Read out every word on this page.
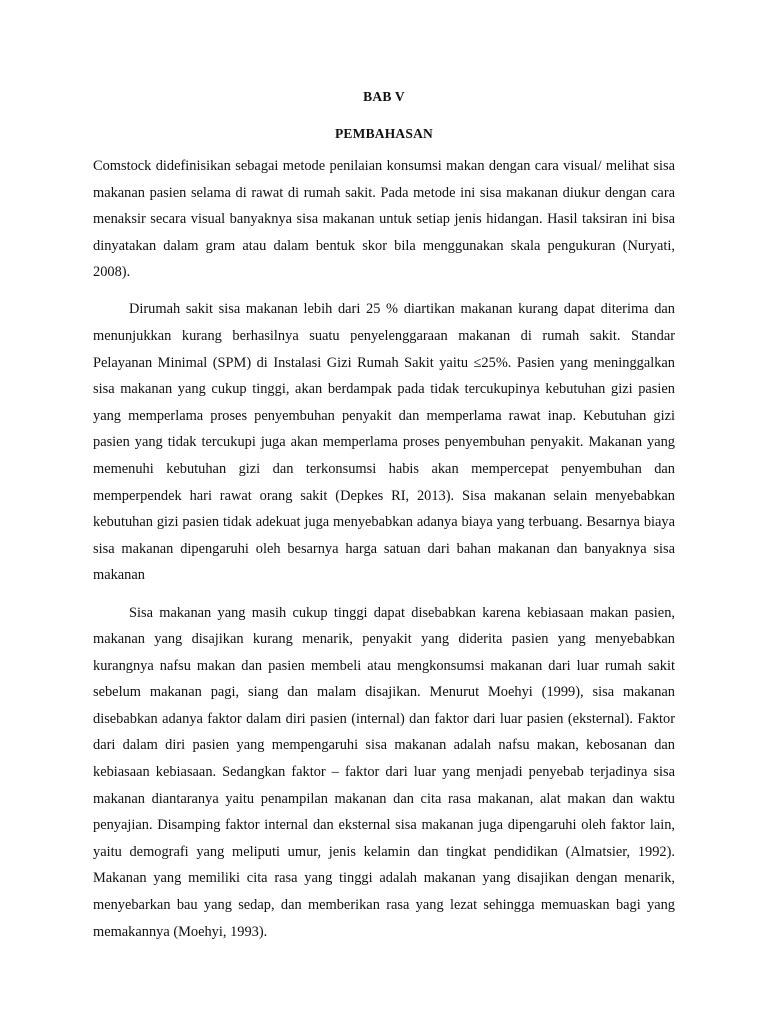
BAB V
PEMBAHASAN

Comstock didefinisikan sebagai metode penilaian konsumsi makan dengan cara visual/ melihat sisa makanan pasien selama di rawat di rumah sakit. Pada metode ini sisa makanan diukur dengan cara menaksir secara visual banyaknya sisa makanan untuk setiap jenis hidangan. Hasil taksiran ini bisa dinyatakan dalam gram atau dalam bentuk skor bila menggunakan skala pengukuran (Nuryati, 2008).

Dirumah sakit sisa makanan lebih dari 25 % diartikan makanan kurang dapat diterima dan menunjukkan kurang berhasilnya suatu penyelenggaraan makanan di rumah sakit. Standar Pelayanan Minimal (SPM) di Instalasi Gizi Rumah Sakit yaitu ≤25%. Pasien yang meninggalkan sisa makanan yang cukup tinggi, akan berdampak pada tidak tercukupinya kebutuhan gizi pasien yang memperlama proses penyembuhan penyakit dan memperlama rawat inap. Kebutuhan gizi pasien yang tidak tercukupi juga akan memperlama proses penyembuhan penyakit. Makanan yang memenuhi kebutuhan gizi dan terkonsumsi habis akan mempercepat penyembuhan dan memperpendek hari rawat orang sakit (Depkes RI, 2013). Sisa makanan selain menyebabkan kebutuhan gizi pasien tidak adekuat juga menyebabkan adanya biaya yang terbuang. Besarnya biaya sisa makanan dipengaruhi oleh besarnya harga satuan dari bahan makanan dan banyaknya sisa makanan

Sisa makanan yang masih cukup tinggi dapat disebabkan karena kebiasaan makan pasien, makanan yang disajikan kurang menarik, penyakit yang diderita pasien yang menyebabkan kurangnya nafsu makan dan pasien membeli atau mengkonsumsi makanan dari luar rumah sakit sebelum makanan pagi, siang dan malam disajikan. Menurut Moehyi (1999), sisa makanan disebabkan adanya faktor dalam diri pasien (internal) dan faktor dari luar pasien (eksternal). Faktor dari dalam diri pasien yang mempengaruhi sisa makanan adalah nafsu makan, kebosanan dan kebiasaan kebiasaan. Sedangkan faktor – faktor dari luar yang menjadi penyebab terjadinya sisa makanan diantaranya yaitu penampilan makanan dan cita rasa makanan, alat makan dan waktu penyajian. Disamping faktor internal dan eksternal sisa makanan juga dipengaruhi oleh faktor lain, yaitu demografi yang meliputi umur, jenis kelamin dan tingkat pendidikan (Almatsier, 1992). Makanan yang memiliki cita rasa yang tinggi adalah makanan yang disajikan dengan menarik, menyebarkan bau yang sedap, dan memberikan rasa yang lezat sehingga memuaskan bagi yang memakannya (Moehyi, 1993).
